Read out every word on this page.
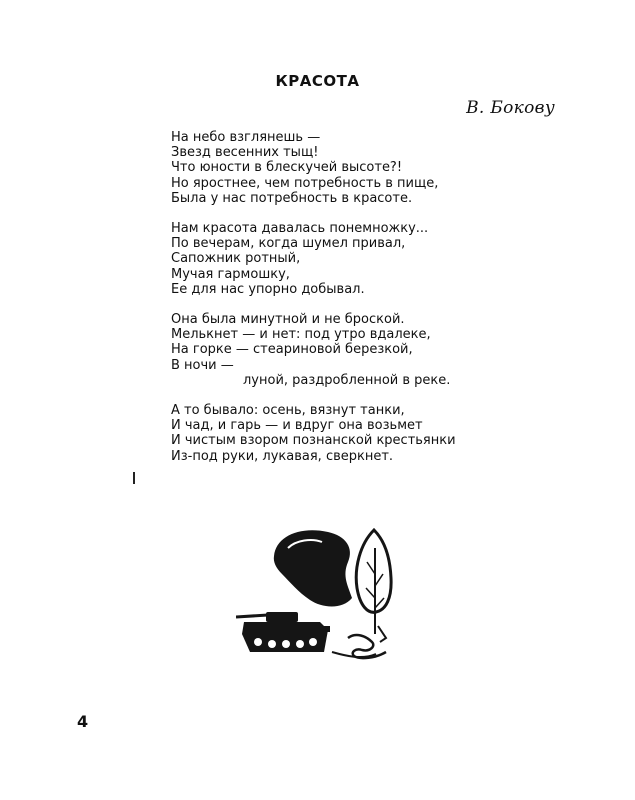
КРАСОТА
В. Бокову
На небо взглянешь —
Звезд весенних тыщ!
Что юности в блескучей высоте?!
Но яростнее, чем потребность в пище,
Была у нас потребность в красоте.
Нам красота давалась понемножку...
По вечерам, когда шумел привал,
Сапожник ротный,
Мучая гармошку,
Ее для нас упорно добывал.
Она была минутной и не броской.
Мелькнет — и нет: под утро вдалеке,
На горке — стеариновой березкой,
В ночи —
луной, раздробленной в реке.
А то бывало: осень, вязнут танки,
И чад, и гарь — и вдруг она возьмет
И чистым взором познанской крестьянки
Из-под руки, лукавая, сверкнет.
4
